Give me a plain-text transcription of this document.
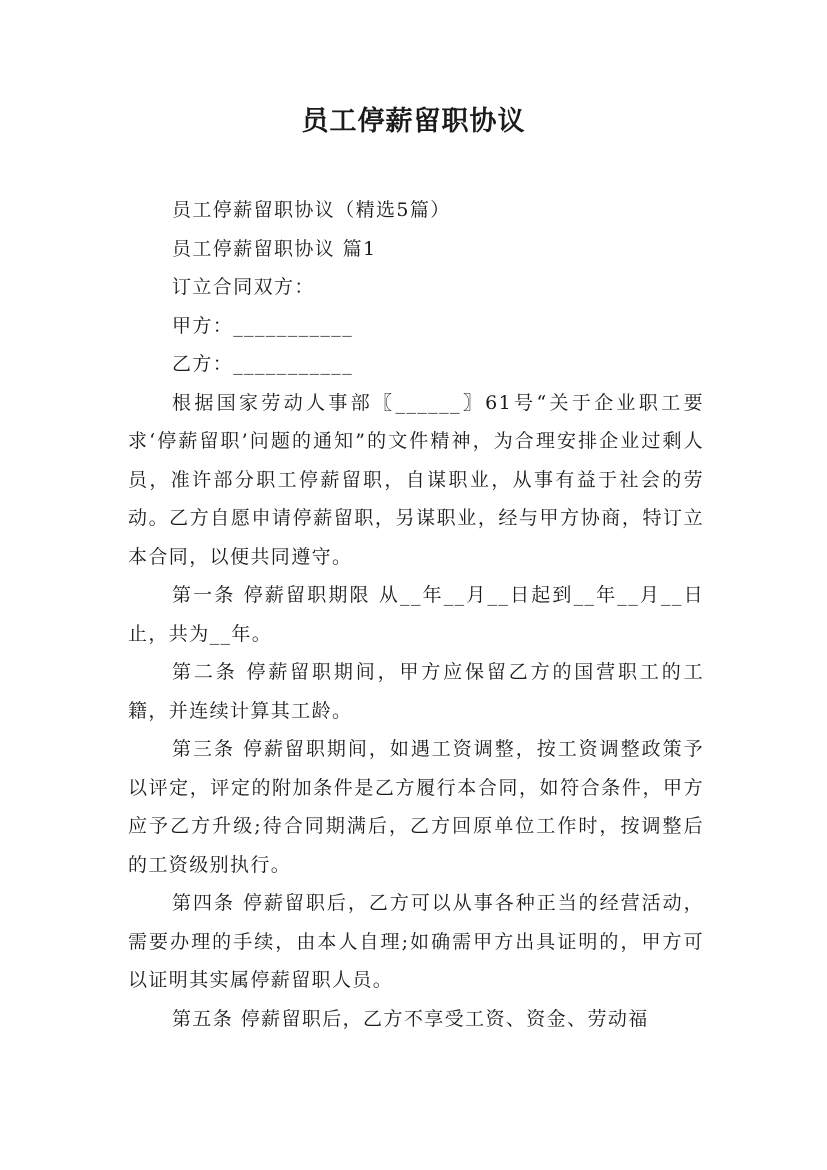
员工停薪留职协议

员工停薪留职协议（精选5篇）

员工停薪留职协议 篇1

订立合同双方：

甲方：___________

乙方：___________

根据国家劳动人事部〖______〗61号“关于企业职工要求‘停薪留职’问题的通知”的文件精神，为合理安排企业过剩人员，准许部分职工停薪留职，自谋职业，从事有益于社会的劳动。乙方自愿申请停薪留职，另谋职业，经与甲方协商，特订立本合同，以便共同遵守。

第一条 停薪留职期限 从__年__月__日起到__年__月__日止，共为__年。

第二条 停薪留职期间，甲方应保留乙方的国营职工的工籍，并连续计算其工龄。

第三条 停薪留职期间，如遇工资调整，按工资调整政策予以评定，评定的附加条件是乙方履行本合同，如符合条件，甲方应予乙方升级;待合同期满后，乙方回原单位工作时，按调整后的工资级别执行。

第四条 停薪留职后，乙方可以从事各种正当的经营活动，需要办理的手续，由本人自理;如确需甲方出具证明的，甲方可以证明其实属停薪留职人员。

第五条 停薪留职后，乙方不享受工资、资金、劳动福
